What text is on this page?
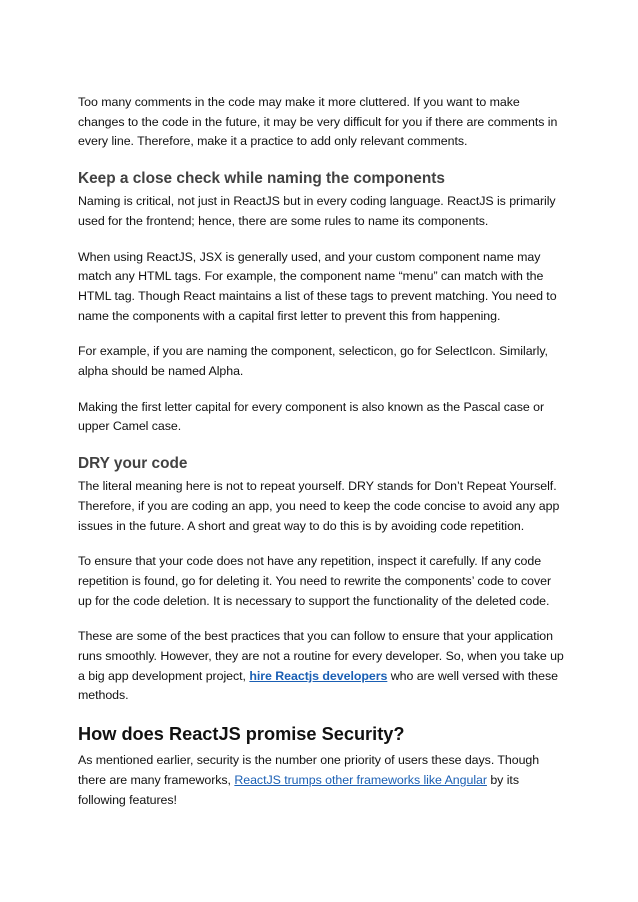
Too many comments in the code may make it more cluttered. If you want to make changes to the code in the future, it may be very difficult for you if there are comments in every line. Therefore, make it a practice to add only relevant comments.

Keep a close check while naming the components

Naming is critical, not just in ReactJS but in every coding language. ReactJS is primarily used for the frontend; hence, there are some rules to name its components.

When using ReactJS, JSX is generally used, and your custom component name may match any HTML tags. For example, the component name “menu” can match with the HTML tag. Though React maintains a list of these tags to prevent matching. You need to name the components with a capital first letter to prevent this from happening.

For example, if you are naming the component, selecticon, go for SelectIcon. Similarly, alpha should be named Alpha.

Making the first letter capital for every component is also known as the Pascal case or upper Camel case.

DRY your code

The literal meaning here is not to repeat yourself. DRY stands for Don’t Repeat Yourself. Therefore, if you are coding an app, you need to keep the code concise to avoid any app issues in the future. A short and great way to do this is by avoiding code repetition.

To ensure that your code does not have any repetition, inspect it carefully. If any code repetition is found, go for deleting it. You need to rewrite the components’ code to cover up for the code deletion. It is necessary to support the functionality of the deleted code.

These are some of the best practices that you can follow to ensure that your application runs smoothly. However, they are not a routine for every developer. So, when you take up a big app development project, hire Reactjs developers who are well versed with these methods.

How does ReactJS promise Security?

As mentioned earlier, security is the number one priority of users these days. Though there are many frameworks, ReactJS trumps other frameworks like Angular by its following features!
